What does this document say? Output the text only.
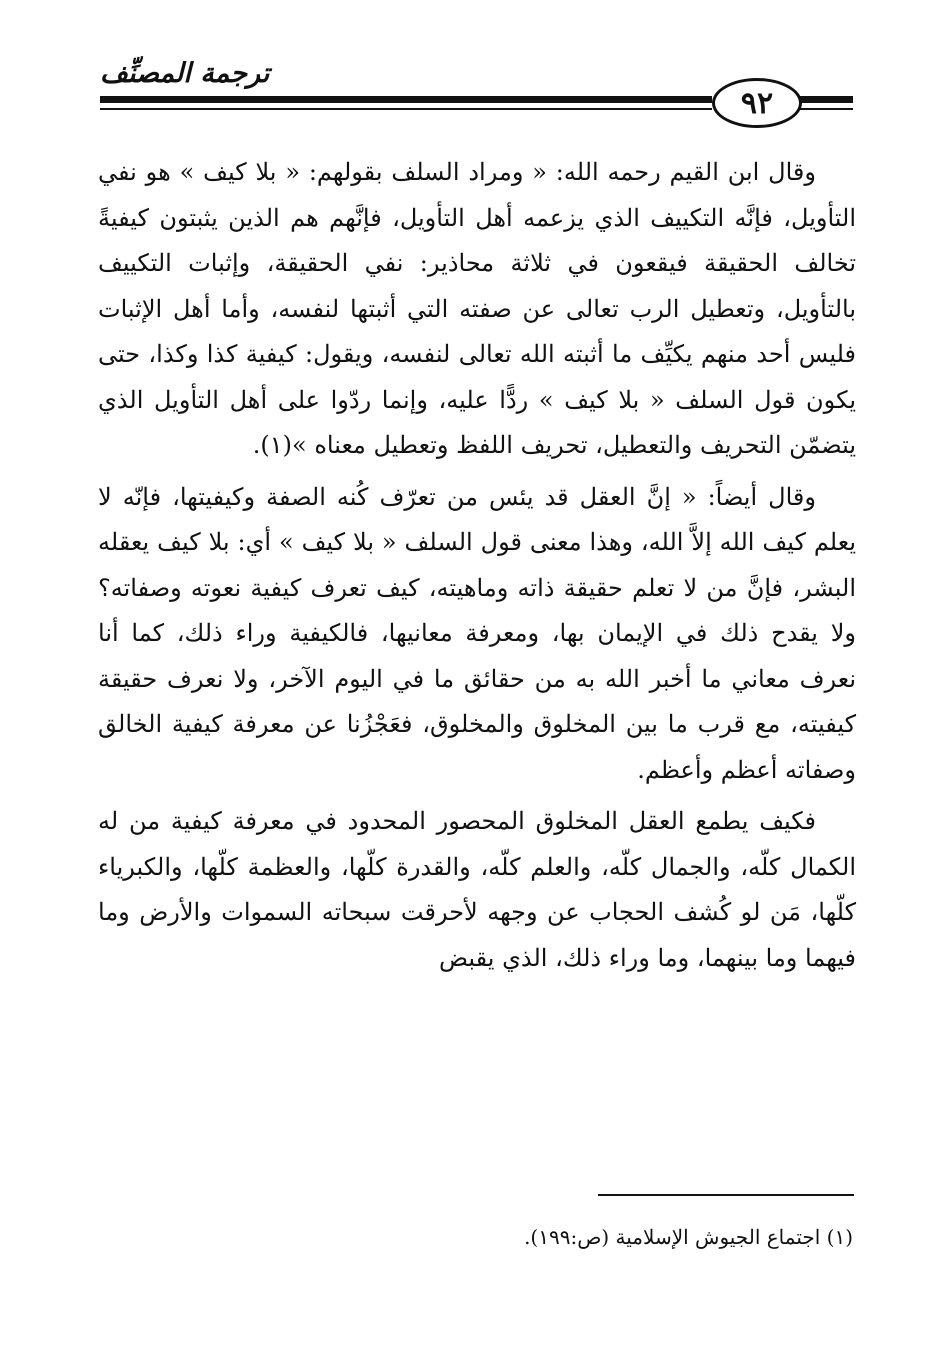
ترجمة المصنِّف
٩٢

وقال ابن القيم رحمه الله: « ومراد السلف بقولهم: « بلا كيف » هو نفي التأويل، فإنَّه التكييف الذي يزعمه أهل التأويل، فإنَّهم هم الذين يثبتون كيفيةً تخالف الحقيقة فيقعون في ثلاثة محاذير: نفي الحقيقة، وإثبات التكييف بالتأويل، وتعطيل الرب تعالى عن صفته التي أثبتها لنفسه، وأما أهل الإثبات فليس أحد منهم يكيِّف ما أثبته الله تعالى لنفسه، ويقول: كيفية كذا وكذا، حتى يكون قول السلف « بلا كيف » ردًّا عليه، وإنما ردّوا على أهل التأويل الذي يتضمّن التحريف والتعطيل، تحريف اللفظ وتعطيل معناه »(١).

وقال أيضاً: « إنَّ العقل قد يئس من تعرّف كُنه الصفة وكيفيتها، فإنّه لا يعلم كيف الله إلاَّ الله، وهذا معنى قول السلف « بلا كيف » أي: بلا كيف يعقله البشر، فإنَّ من لا تعلم حقيقة ذاته وماهيته، كيف تعرف كيفية نعوته وصفاته؟ ولا يقدح ذلك في الإيمان بها، ومعرفة معانيها، فالكيفية وراء ذلك، كما أنا نعرف معاني ما أخبر الله به من حقائق ما في اليوم الآخر، ولا نعرف حقيقة كيفيته، مع قرب ما بين المخلوق والمخلوق، فعَجْزُنا عن معرفة كيفية الخالق وصفاته أعظم وأعظم.

فكيف يطمع العقل المخلوق المحصور المحدود في معرفة كيفية من له الكمال كلّه، والجمال كلّه، والعلم كلّه، والقدرة كلّها، والعظمة كلّها، والكبرياء كلّها، مَن لو كُشف الحجاب عن وجهه لأحرقت سبحاته السموات والأرض وما فيهما وما بينهما، وما وراء ذلك، الذي يقبض

(١) اجتماع الجيوش الإسلامية (ص:١٩٩).
